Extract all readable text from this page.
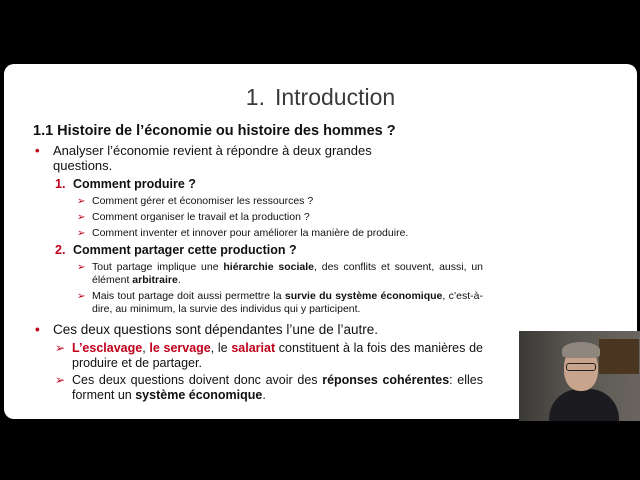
1. Introduction
1.1 Histoire de l’économie ou histoire des hommes ?
• Analyser l’économie revient à répondre à deux grandes
questions.
1. Comment produire ?
➢ Comment gérer et économiser les ressources ?
➢ Comment organiser le travail et la production ?
➢ Comment inventer et innover pour améliorer la manière de produire.
2. Comment partager cette production ?
➢ Tout partage implique une hiérarchie sociale, des conflits et souvent, aussi, un élément arbitraire.
➢ Mais tout partage doit aussi permettre la survie du système économique, c’est-à-dire, au minimum, la survie des individus qui y participent.
• Ces deux questions sont dépendantes l’une de l’autre.
➢ L’esclavage, le servage, le salariat constituent à la fois des manières de produire et de partager.
➢ Ces deux questions doivent donc avoir des réponses cohérentes: elles forment un système économique.
